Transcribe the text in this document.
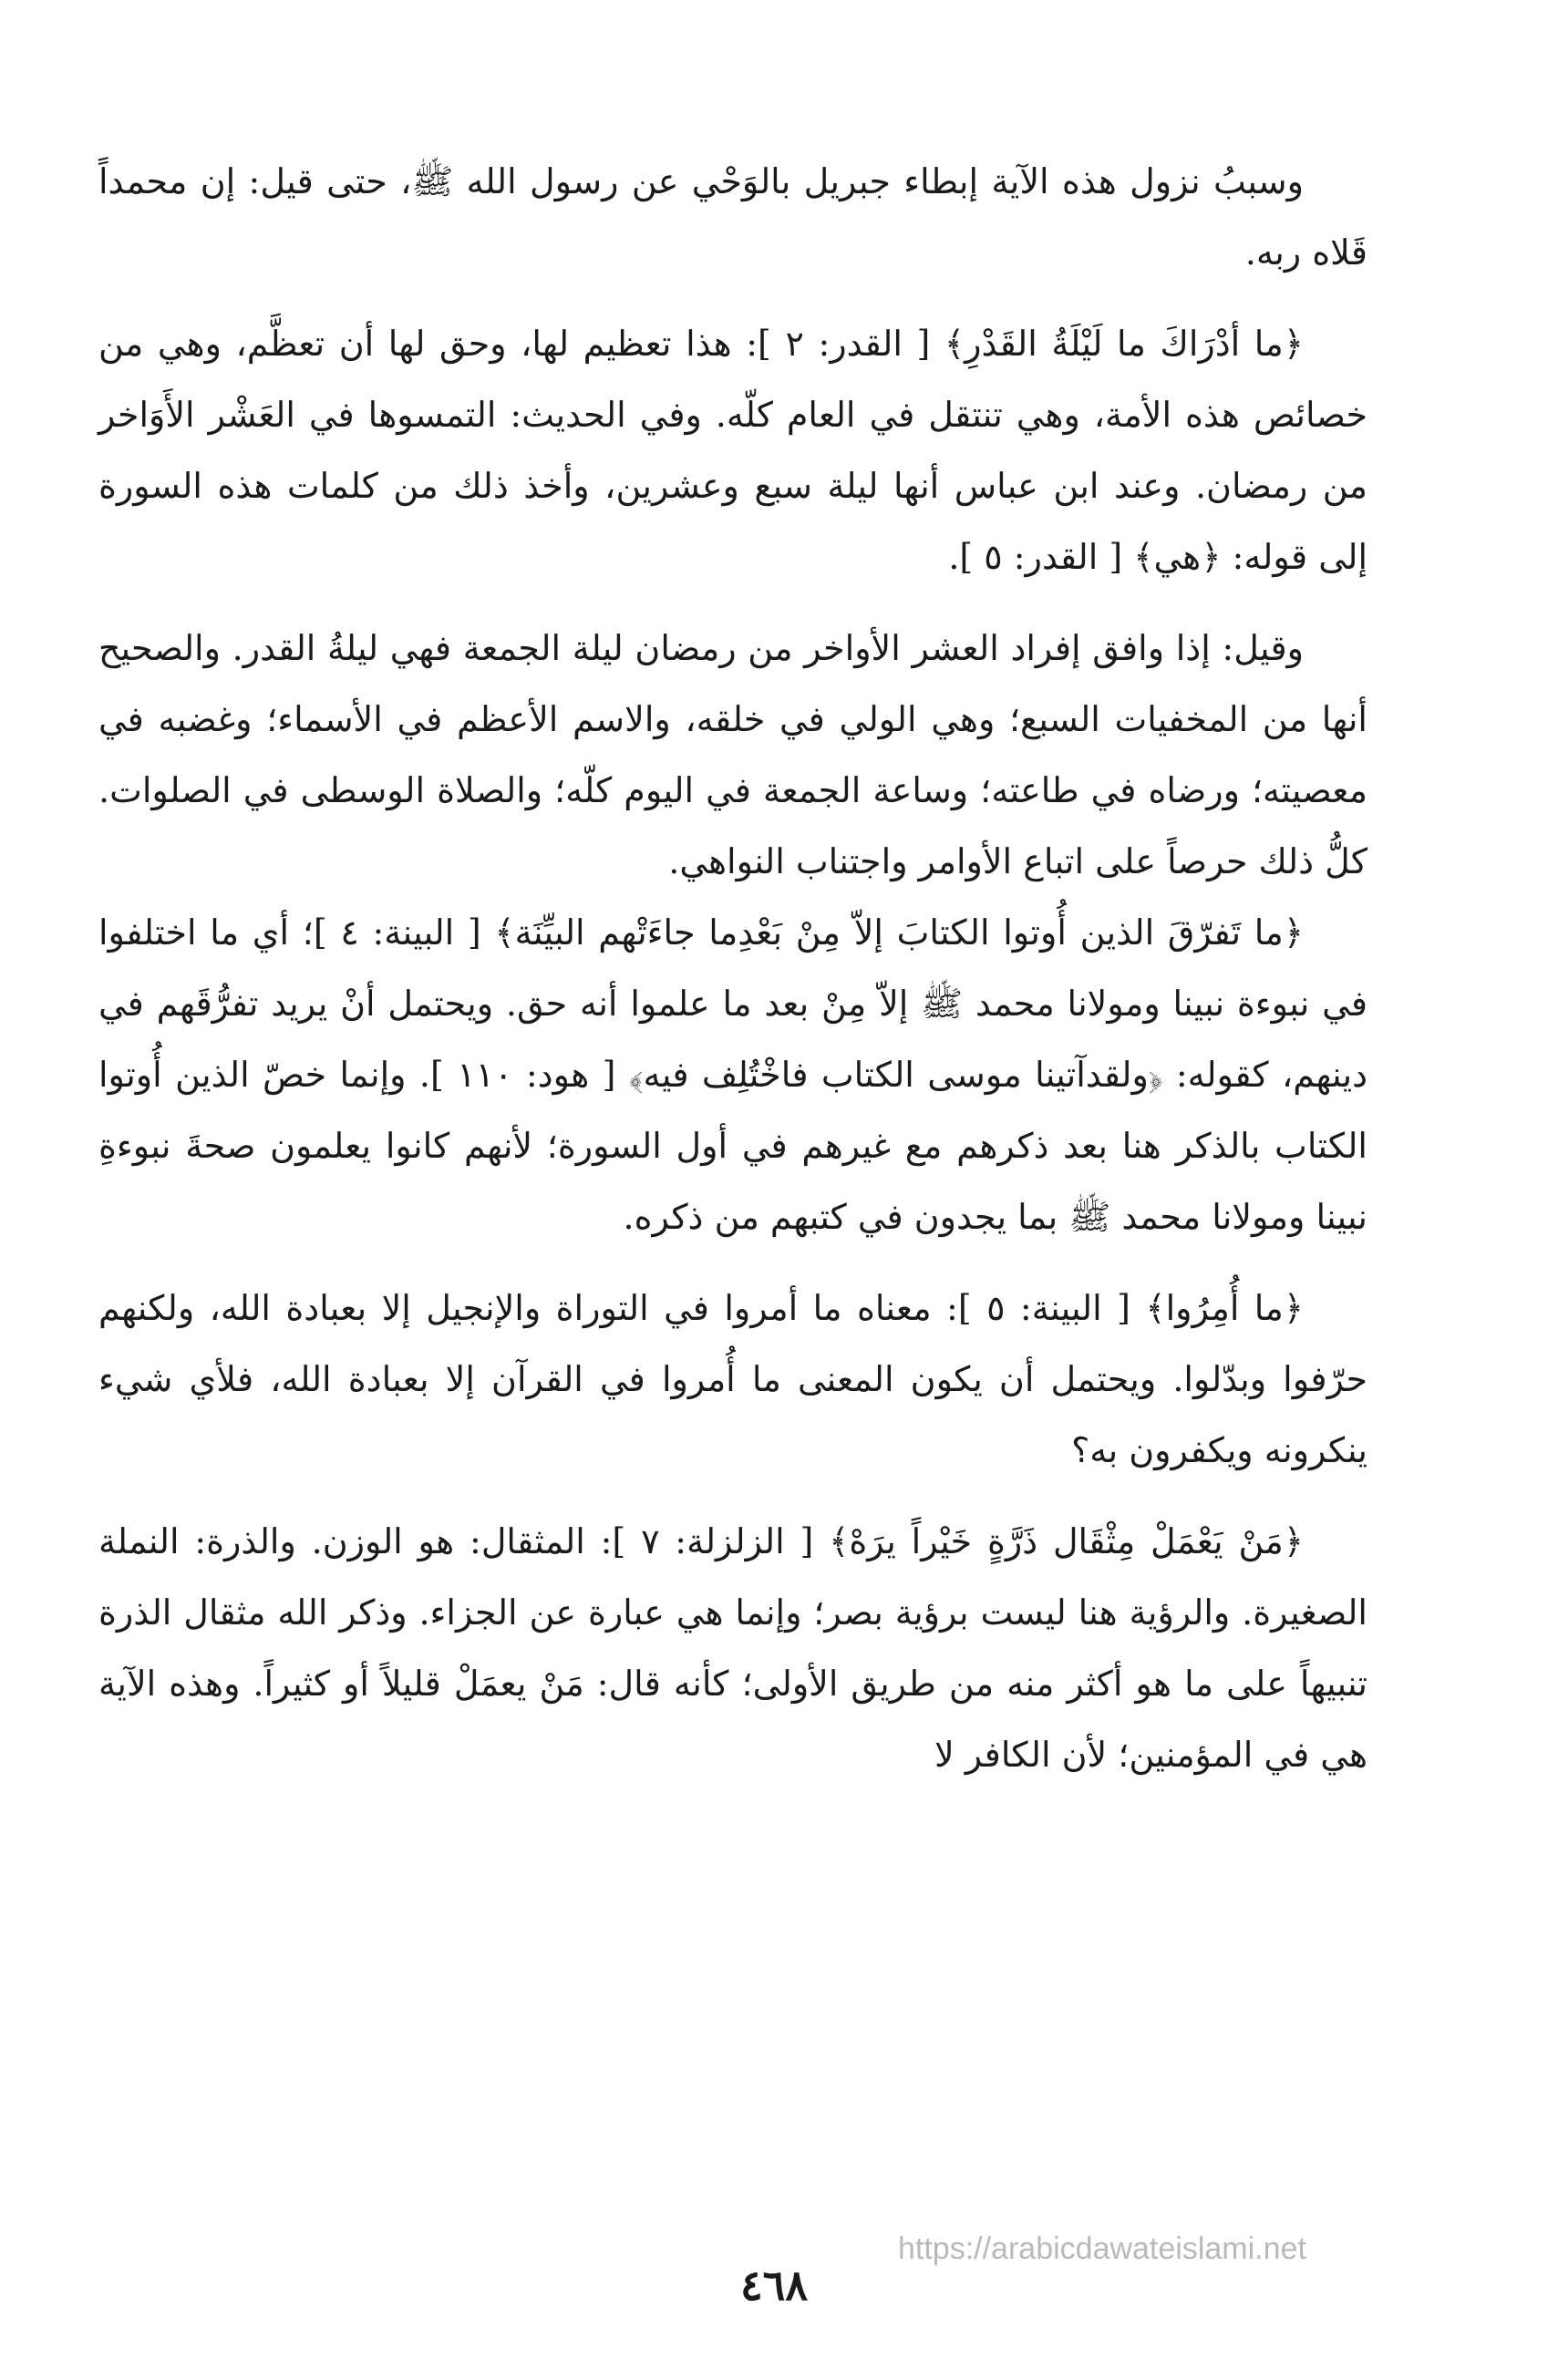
وسببُ نزول هذه الآية إبطاء جبريل بالوَحْي عن رسول الله ﷺ، حتى قيل: إن محمداً قَلاه ربه.

﴿ما أدْرَاكَ ما لَيْلَةُ القَدْرِ﴾ [ القدر: ٢ ]: هذا تعظيم لها، وحق لها أن تعظَّم، وهي من خصائص هذه الأمة، وهي تنتقل في العام كلّه. وفي الحديث: التمسوها في العَشْر الأَوَاخر من رمضان. وعند ابن عباس أنها ليلة سبع وعشرين، وأخذ ذلك من كلمات هذه السورة إلى قوله: ﴿هي﴾ [ القدر: ٥ ].

وقيل: إذا وافق إفراد العشر الأواخر من رمضان ليلة الجمعة فهي ليلةُ القدر. والصحيح أنها من المخفيات السبع؛ وهي الولي في خلقه، والاسم الأعظم في الأسماء؛ وغضبه في معصيته؛ ورضاه في طاعته؛ وساعة الجمعة في اليوم كلّه؛ والصلاة الوسطى في الصلوات. كلُّ ذلك حرصاً على اتباع الأوامر واجتناب النواهي.

﴿ما تَفرّقَ الذين أُوتوا الكتابَ إلاّ مِنْ بَعْدِما جاءَتْهم البيِّنَة﴾ [ البينة: ٤ ]؛ أي ما اختلفوا في نبوءة نبينا ومولانا محمد ﷺ إلاّ مِنْ بعد ما علموا أنه حق. ويحتمل أنْ يريد تفرُّقَهم في دينهم، كقوله: ﴿ولقدآتينا موسى الكتاب فاخْتُلِف فيه﴾ [ هود: ١١٠ ]. وإنما خصّ الذين أُوتوا الكتاب بالذكر هنا بعد ذكرهم مع غيرهم في أول السورة؛ لأنهم كانوا يعلمون صحةَ نبوءةِ نبينا ومولانا محمد ﷺ بما يجدون في كتبهم من ذكره.

﴿ما أُمِرُوا﴾ [ البينة: ٥ ]: معناه ما أمروا في التوراة والإنجيل إلا بعبادة الله، ولكنهم حرّفوا وبدّلوا. ويحتمل أن يكون المعنى ما أُمروا في القرآن إلا بعبادة الله، فلأي شيء ينكرونه ويكفرون به؟

﴿مَنْ يَعْمَلْ مِثْقَال ذَرَّةٍ خَيْراً يرَهْ﴾ [ الزلزلة: ٧ ]: المثقال: هو الوزن. والذرة: النملة الصغيرة. والرؤية هنا ليست برؤية بصر؛ وإنما هي عبارة عن الجزاء. وذكر الله مثقال الذرة تنبيهاً على ما هو أكثر منه من طريق الأولى؛ كأنه قال: مَنْ يعمَلْ قليلاً أو كثيراً. وهذه الآية هي في المؤمنين؛ لأن الكافر لا

https://arabicdawateislami.net
٤٦٨
